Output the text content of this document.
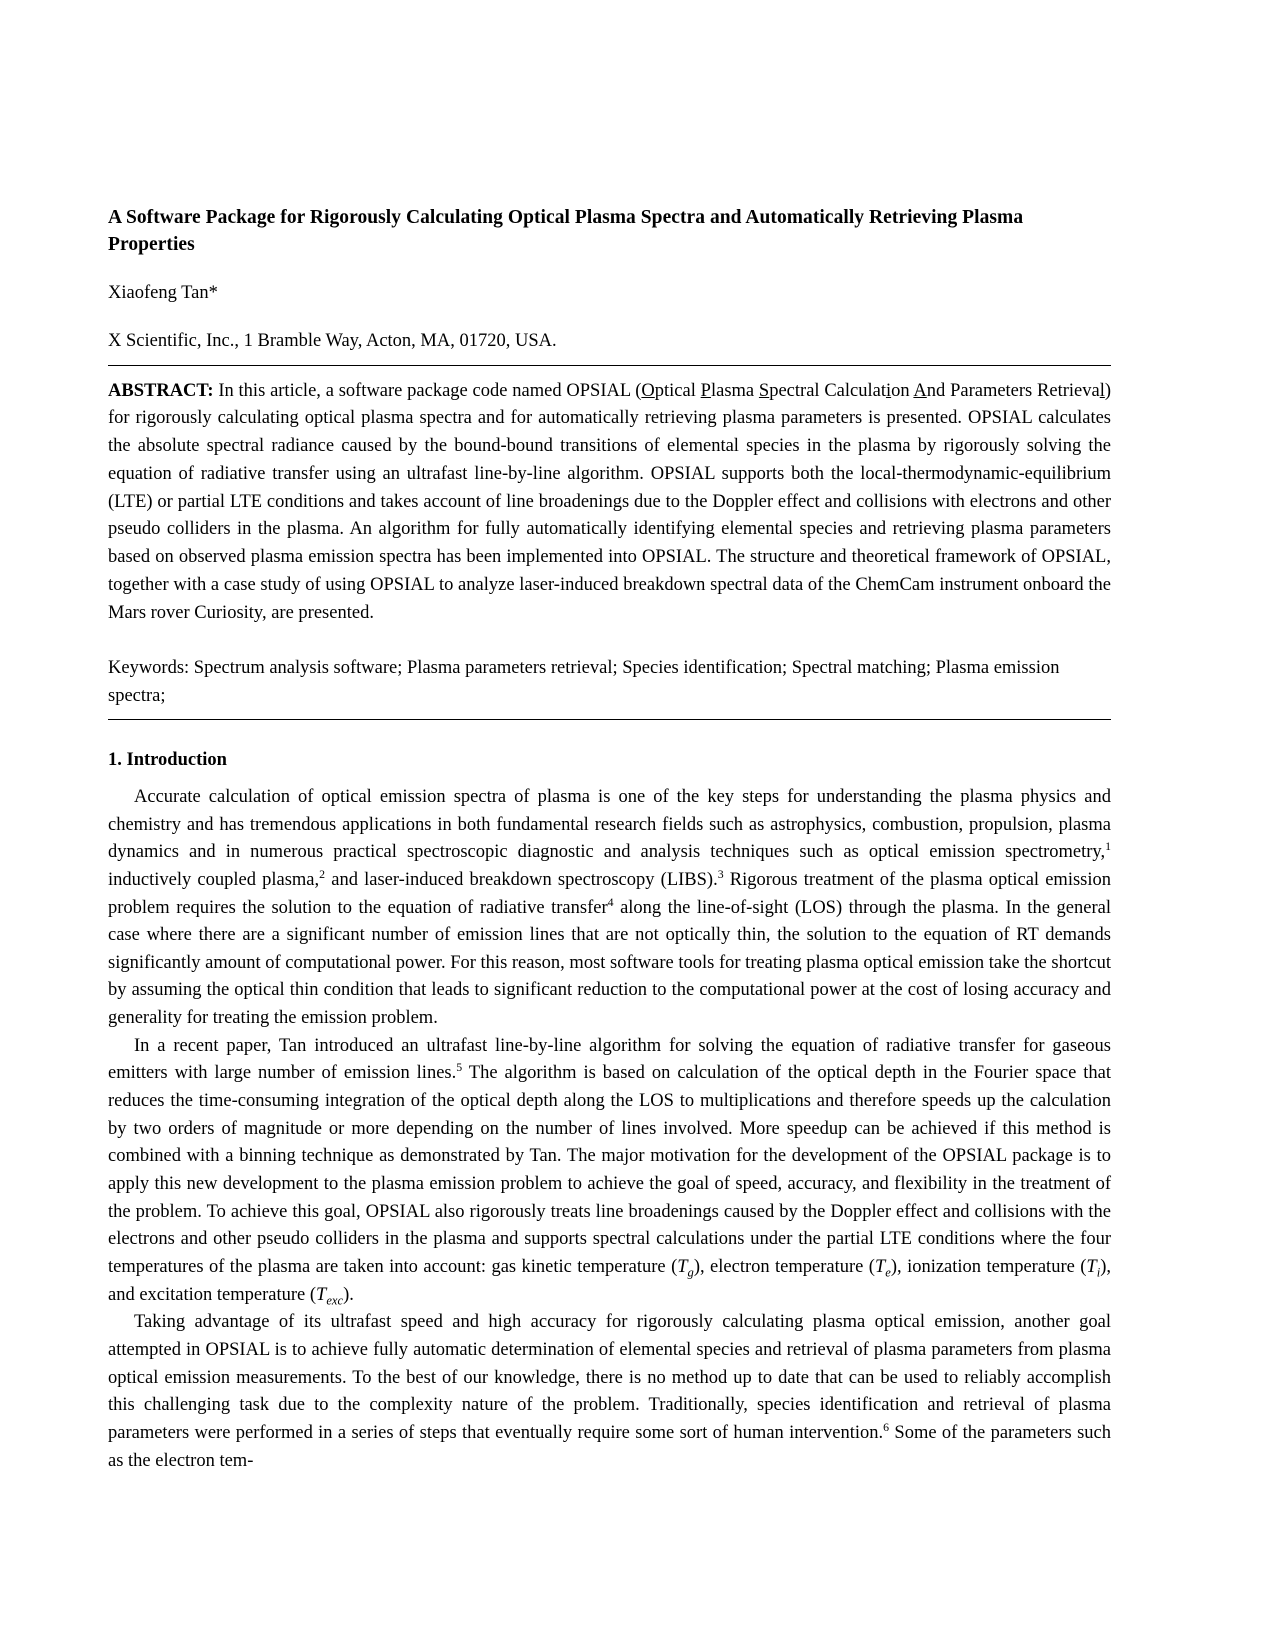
A Software Package for Rigorously Calculating Optical Plasma Spectra and Automatically Retrieving Plasma Properties
Xiaofeng Tan*
X Scientific, Inc., 1 Bramble Way, Acton, MA, 01720, USA.

ABSTRACT: In this article, a software package code named OPSIAL (Optical Plasma Spectral Calculation And Parameters Retrieval) for rigorously calculating optical plasma spectra and for automatically retrieving plasma parameters is presented. OPSIAL calculates the absolute spectral radiance caused by the bound-bound transitions of elemental species in the plasma by rigorously solving the equation of radiative transfer using an ultrafast line-by-line algorithm. OPSIAL supports both the local-thermodynamic-equilibrium (LTE) or partial LTE conditions and takes account of line broadenings due to the Doppler effect and collisions with electrons and other pseudo colliders in the plasma. An algorithm for fully automatically identifying elemental species and retrieving plasma parameters based on observed plasma emission spectra has been implemented into OPSIAL. The structure and theoretical framework of OPSIAL, together with a case study of using OPSIAL to analyze laser-induced breakdown spectral data of the ChemCam instrument onboard the Mars rover Curiosity, are presented.

Keywords: Spectrum analysis software; Plasma parameters retrieval; Species identification; Spectral matching; Plasma emission spectra;

1. Introduction

Accurate calculation of optical emission spectra of plasma is one of the key steps for understanding the plasma physics and chemistry and has tremendous applications in both fundamental research fields such as astrophysics, combustion, propulsion, plasma dynamics and in numerous practical spectroscopic diagnostic and analysis techniques such as optical emission spectrometry,$^1$ inductively coupled plasma,$^2$ and laser-induced breakdown spectroscopy (LIBS).$^3$ Rigorous treatment of the plasma optical emission problem requires the solution to the equation of radiative transfer$^4$ along the line-of-sight (LOS) through the plasma. In the general case where there are a significant number of emission lines that are not optically thin, the solution to the equation of RT demands significantly amount of computational power. For this reason, most software tools for treating plasma optical emission take the shortcut by assuming the optical thin condition that leads to significant reduction to the computational power at the cost of losing accuracy and generality for treating the emission problem.

In a recent paper, Tan introduced an ultrafast line-by-line algorithm for solving the equation of radiative transfer for gaseous emitters with large number of emission lines.$^5$ The algorithm is based on calculation of the optical depth in the Fourier space that reduces the time-consuming integration of the optical depth along the LOS to multiplications and therefore speeds up the calculation by two orders of magnitude or more depending on the number of lines involved. More speedup can be achieved if this method is combined with a binning technique as demonstrated by Tan. The major motivation for the development of the OPSIAL package is to apply this new development to the plasma emission problem to achieve the goal of speed, accuracy, and flexibility in the treatment of the problem. To achieve this goal, OPSIAL also rigorously treats line broadenings caused by the Doppler effect and collisions with the electrons and other pseudo colliders in the plasma and supports spectral calculations under the partial LTE conditions where the four temperatures of the plasma are taken into account: gas kinetic temperature $(T_g)$, electron temperature $(T_e)$, ionization temperature $(T_i)$, and excitation temperature $(T_{exc})$.

Taking advantage of its ultrafast speed and high accuracy for rigorously calculating plasma optical emission, another goal attempted in OPSIAL is to achieve fully automatic determination of elemental species and retrieval of plasma parameters from plasma optical emission measurements. To the best of our knowledge, there is no method up to date that can be used to reliably accomplish this challenging task due to the complexity nature of the problem. Traditionally, species identification and retrieval of plasma parameters were performed in a series of steps that eventually require some sort of human intervention.$^6$ Some of the parameters such as the electron tem-
